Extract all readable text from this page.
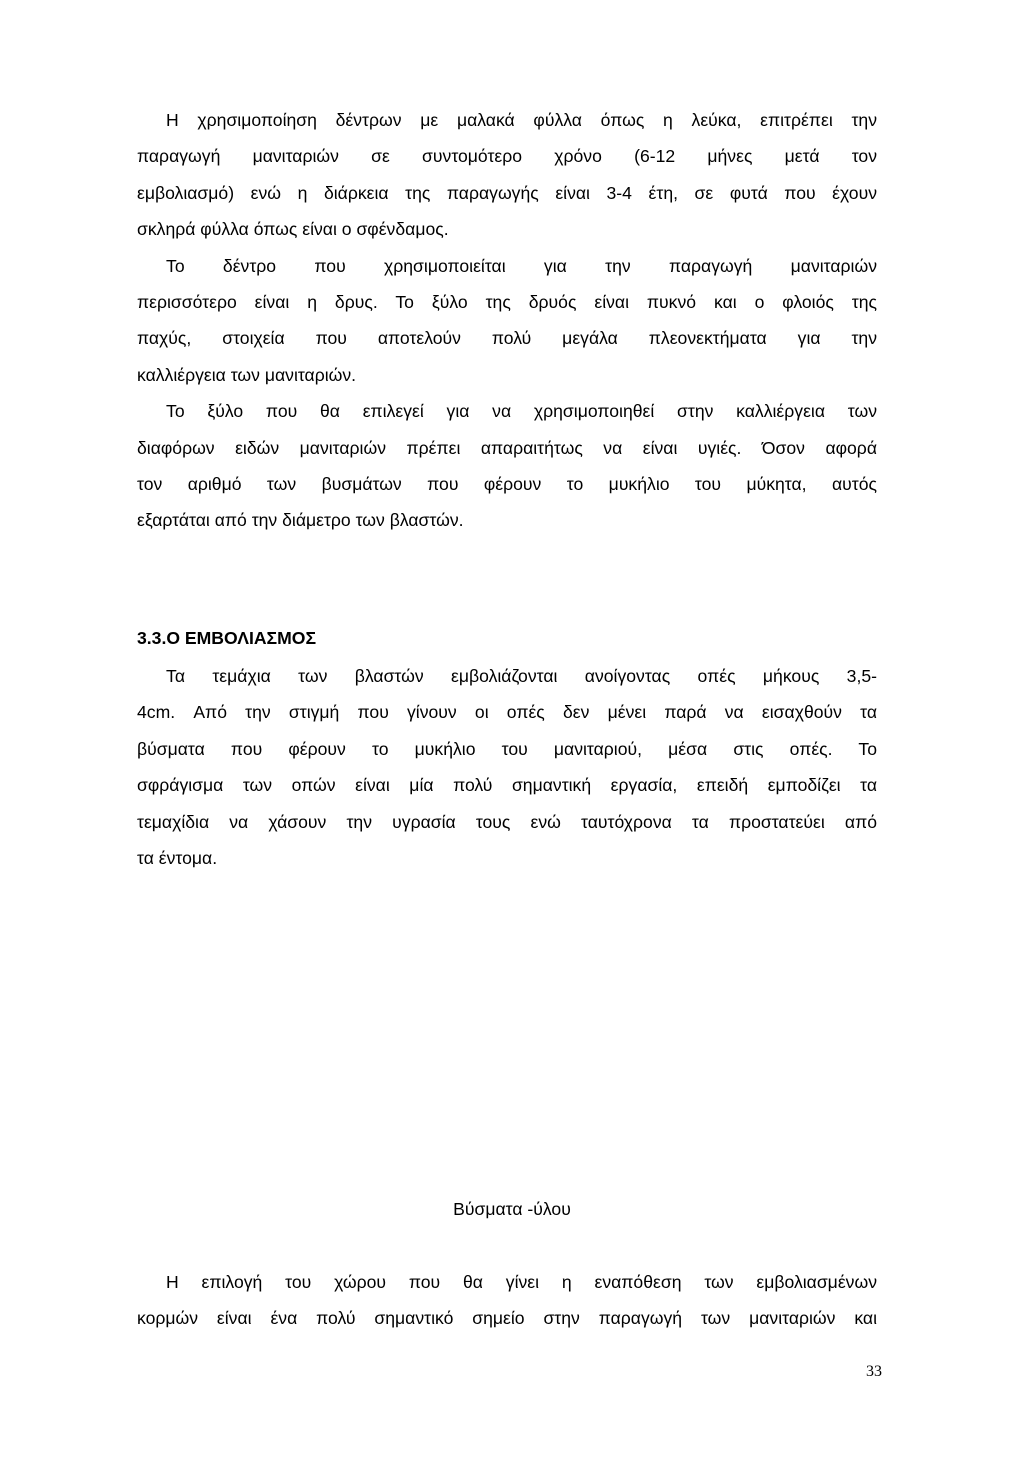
Η χρησιμοποίηση δέντρων με μαλακά φύλλα όπως η λεύκα, επιτρέπει την
παραγωγή μανιταριών σε συντομότερο χρόνο (6-12 μήνες μετά τον
εμβολιασμό) ενώ η διάρκεια της παραγωγής είναι 3-4 έτη, σε φυτά που έχουν
σκληρά φύλλα όπως είναι ο σφένδαμος.
Το δέντρο που χρησιμοποιείται για την παραγωγή μανιταριών
περισσότερο είναι η δρυς. Το ξύλο της δρυός είναι πυκνό και ο φλοιός της
παχύς, στοιχεία που αποτελούν πολύ μεγάλα πλεονεκτήματα για την
καλλιέργεια των μανιταριών.
Το ξύλο που θα επιλεγεί για να χρησιμοποιηθεί στην καλλιέργεια των
διαφόρων ειδών μανιταριών πρέπει απαραιτήτως να είναι υγιές. Όσον αφορά
τον αριθμό των βυσμάτων που φέρουν το μυκήλιο του μύκητα, αυτός
εξαρτάται από την διάμετρο των βλαστών.

3.3.Ο ΕΜΒΟΛΙΑΣΜΟΣ

Τα τεμάχια των βλαστών εμβολιάζονται ανοίγοντας οπές μήκους 3,5-
4cm. Από την στιγμή που γίνουν οι οπές δεν μένει παρά να εισαχθούν τα
βύσματα που φέρουν το μυκήλιο του μανιταριού, μέσα στις οπές. Το
σφράγισμα των οπών είναι μία πολύ σημαντική εργασία, επειδή εμποδίζει τα
τεμαχίδια να χάσουν την υγρασία τους ενώ ταυτόχρονα τα προστατεύει από
τα έντομα.

Βύσματα -ύλου

Η επιλογή του χώρου που θα γίνει η εναπόθεση των εμβολιασμένων
κορμών είναι ένα πολύ σημαντικό σημείο στην παραγωγή των μανιταριών και

33
